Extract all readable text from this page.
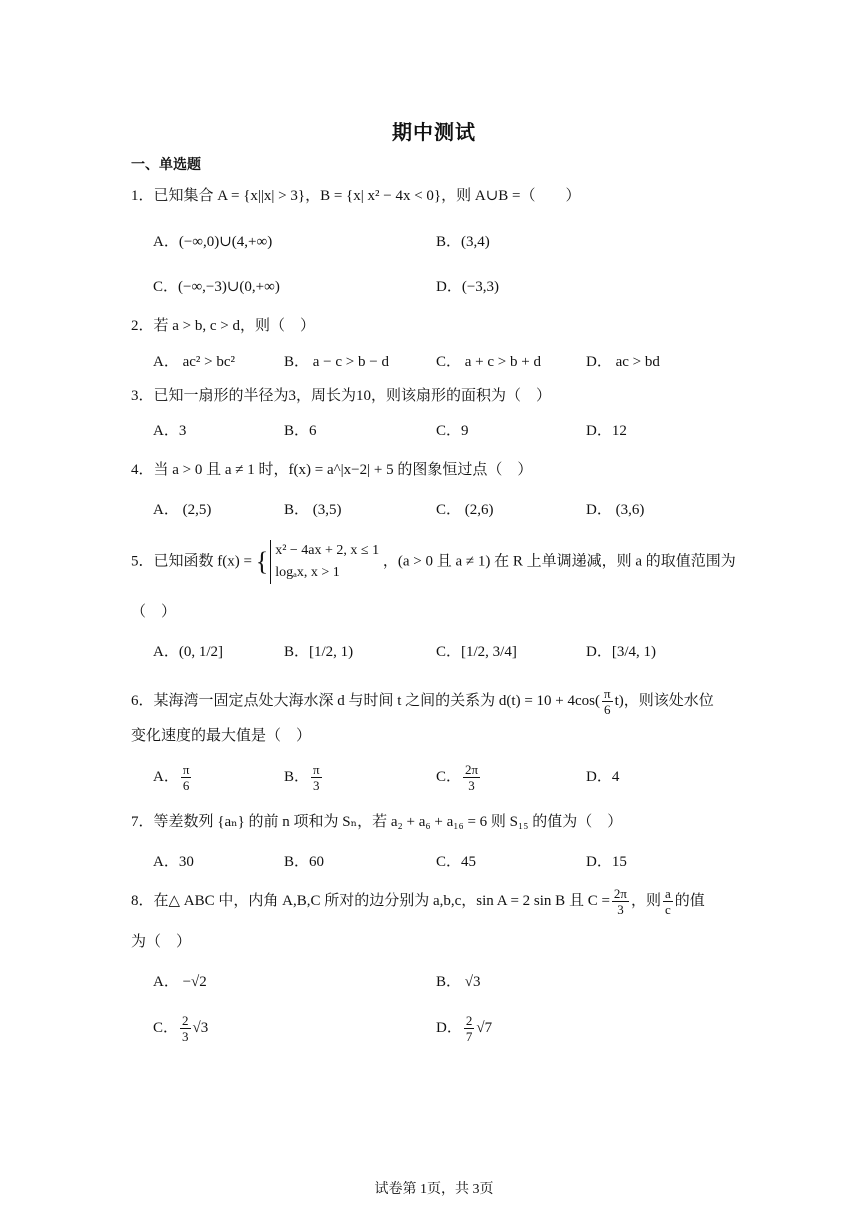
期中测试
一、单选题
1．已知集合 A = {x||x| > 3}，B = {x| x² − 4x < 0}，则 A∪B =（　　）
A．(−∞,0)∪(4,+∞)	B．(3,4)
C．(−∞,−3)∪(0,+∞)	D．(−3,3)
2．若 a > b, c > d，则（　）
A． ac² > bc²	B． a − c > b − d	C． a + c > b + d	D． ac > bd
3．已知一扇形的半径为3，周长为10，则该扇形的面积为（　）
A．3	B．6	C．9	D．12
4．当 a > 0 且 a ≠ 1 时，f(x) = a^|x−2| + 5 的图象恒过点（　）
A． (2,5)	B． (3,5)	C． (2,6)	D． (3,6)
5．已知函数 f(x) = { x² − 4ax + 2, x ≤ 1
logₐx, x > 1
，(a > 0 且 a ≠ 1) 在 R 上单调递减，则 a 的取值范围为
（　）
A．(0, 1/2]	B．[1/2, 1)	C．[1/2, 3/4]	D．[3/4, 1)
6．某海湾一固定点处大海水深 d 与时间 t 之间的关系为 $d(t) = 10 + 4\cos( \frac{\pi}{6} t)$，则该处水位
变化速度的最大值是（　）
A． $\frac{\pi}{6}$	B． $\frac{\pi}{3}$	C． $\frac{2\pi}{3}$	D．4
7．等差数列 {aₙ} 的前 n 项和为 Sₙ，若 a₂ + a₆ + a₁₆ = 6 则 S₁₅ 的值为（　）
A．30	B．60	C．45	D．15
8．在△ ABC 中，内角 A,B,C 所对的边分别为 a,b,c，sin A = 2 sin B 且 $C = \frac{2\pi}{3}$ ，则 $\frac{a}{c}$ 的值
为（　）
A． −√2	B． √3
C． $\frac{2}{3} √3$	D． $\frac{2}{7} √7$
试卷第 1页，共 3页
